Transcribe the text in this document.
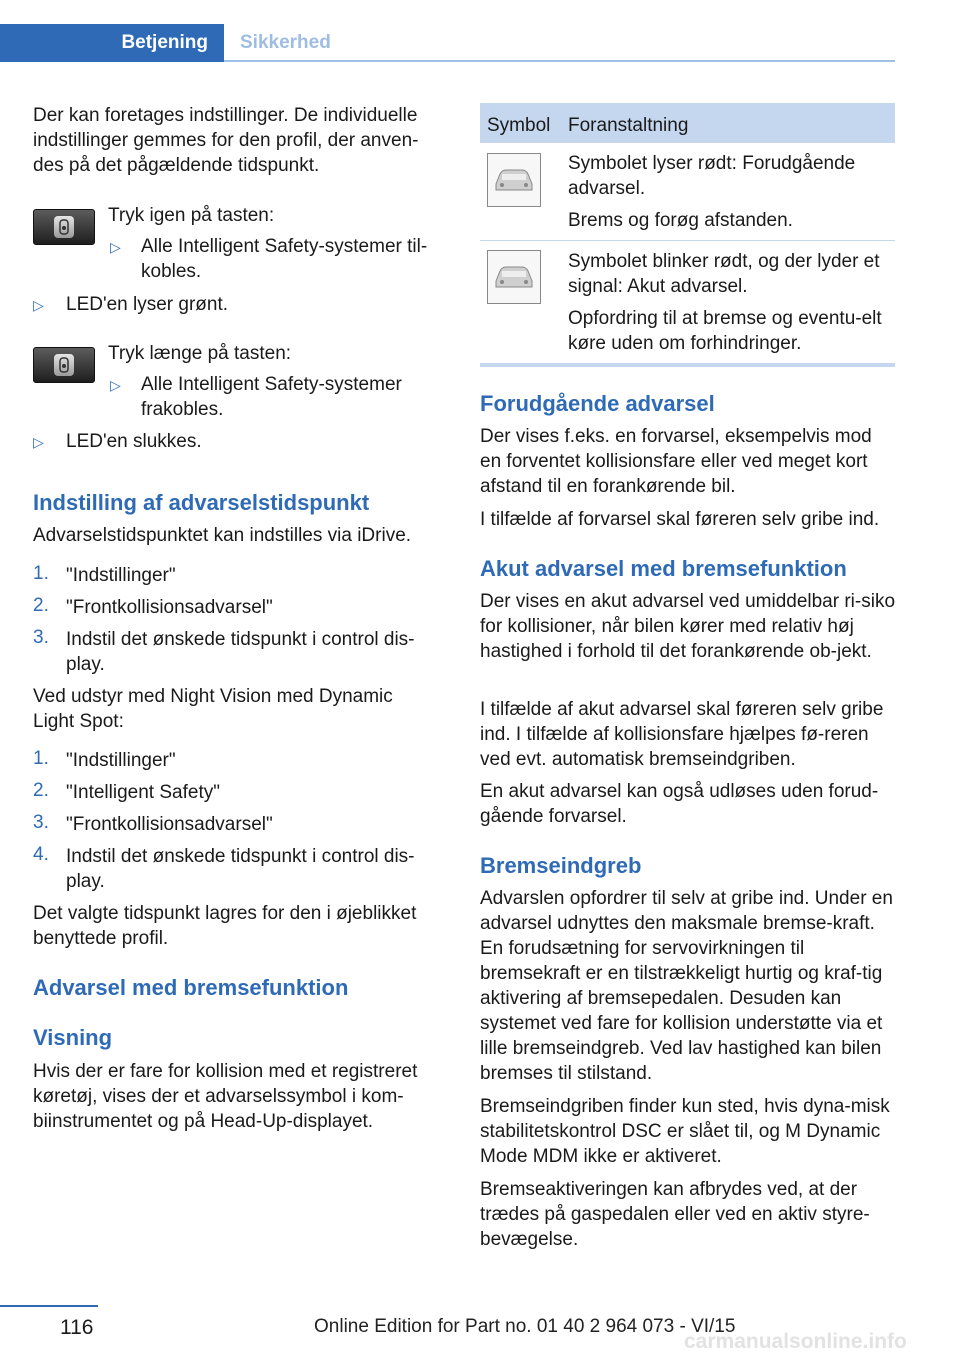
Betjening Sikkerhed

Der kan foretages indstillinger. De individuelle indstillinger gemmes for den profil, der anven‐des på det pågældende tidspunkt.

Tryk igen på tasten:

▷ Alle Intelligent Safety-systemer til‐kobles.

▷ LED'en lyser grønt.

Tryk længe på tasten:

▷ Alle Intelligent Safety-systemer frakobles.

▷ LED'en slukkes.

Indstilling af advarselstidspunkt

Advarselstidspunktet kan indstilles via iDrive.

1. "Indstillinger"

2. "Frontkollisionsadvarsel"

3. Indstil det ønskede tidspunkt i control dis‐play.

Ved udstyr med Night Vision med Dynamic Light Spot:

1. "Indstillinger"

2. "Intelligent Safety"

3. "Frontkollisionsadvarsel"

4. Indstil det ønskede tidspunkt i control dis‐play.

Det valgte tidspunkt lagres for den i øjeblikket benyttede profil.

Advarsel med bremsefunktion
Visning

Hvis der er fare for kollision med et registreret køretøj, vises der et advarselssymbol i kom‐biinstrumentet og på Head-Up-displayet.

Symbol Foranstaltning

Symbolet lyser rødt: Forudgående advarsel.

Brems og forøg afstanden.

Symbolet blinker rødt, og der lyder et signal: Akut advarsel.

Opfordring til at bremse og eventu‐elt køre uden om forhindringer.

Forudgående advarsel

Der vises f.eks. en forvarsel, eksempelvis mod en forventet kollisionsfare eller ved meget kort afstand til en forankørende bil.

I tilfælde af forvarsel skal føreren selv gribe ind.

Akut advarsel med bremsefunktion

Der vises en akut advarsel ved umiddelbar ri‐siko for kollisioner, når bilen kører med relativ høj hastighed i forhold til det forankørende ob‐jekt.

I tilfælde af akut advarsel skal føreren selv gribe ind. I tilfælde af kollisionsfare hjælpes fø‐reren ved evt. automatisk bremseindgriben.

En akut advarsel kan også udløses uden forud‐gående forvarsel.

Bremseindgreb

Advarslen opfordrer til selv at gribe ind. Under en advarsel udnyttes den maksmale bremse‐kraft. En forudsætning for servovirkningen til bremsekraft er en tilstrækkeligt hurtig og kraf‐tig aktivering af bremsepedalen. Desuden kan systemet ved fare for kollision understøtte via et lille bremseindgreb. Ved lav hastighed kan bilen bremses til stilstand.

Bremseindgriben finder kun sted, hvis dyna‐misk stabilitetskontrol DSC er slået til, og M Dynamic Mode MDM ikke er aktiveret.

Bremseaktiveringen kan afbrydes ved, at der trædes på gaspedalen eller ved en aktiv styre‐bevægelse.

116	Online Edition for Part no. 01 40 2 964 073 - VI/15
carmanualsonline.info
